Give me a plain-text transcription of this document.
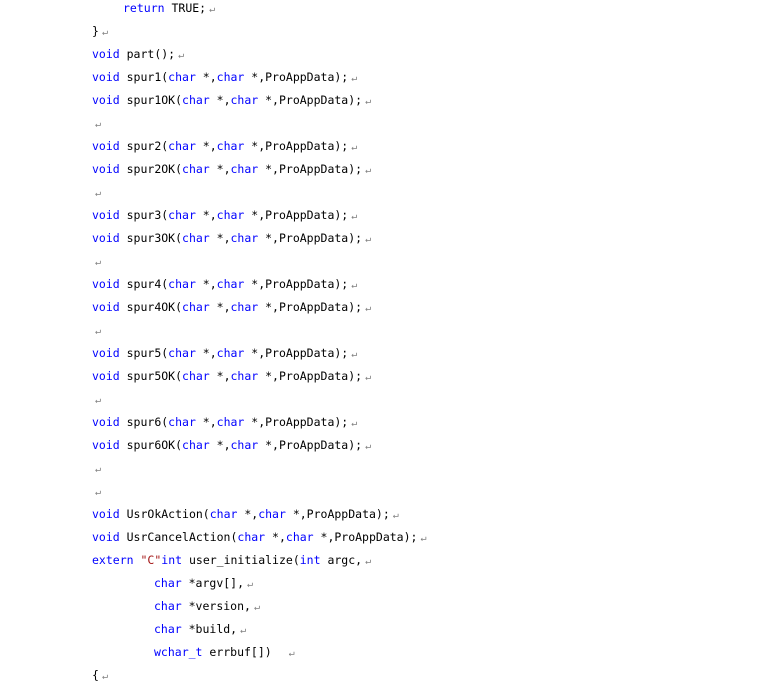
return TRUE; ↵
} ↵
void part(); ↵
void spur1(char *,char *,ProAppData); ↵
void spur1OK(char *,char *,ProAppData); ↵
↵
void spur2(char *,char *,ProAppData); ↵
void spur2OK(char *,char *,ProAppData); ↵
↵
void spur3(char *,char *,ProAppData); ↵
void spur3OK(char *,char *,ProAppData); ↵
↵
void spur4(char *,char *,ProAppData); ↵
void spur4OK(char *,char *,ProAppData); ↵
↵
void spur5(char *,char *,ProAppData); ↵
void spur5OK(char *,char *,ProAppData); ↵
↵
void spur6(char *,char *,ProAppData); ↵
void spur6OK(char *,char *,ProAppData); ↵
↵
↵
void UsrOkAction(char *,char *,ProAppData); ↵
void UsrCancelAction(char *,char *,ProAppData); ↵
extern "C"int user_initialize(int argc, ↵
char *argv[], ↵
char *version, ↵
char *build, ↵
wchar_t errbuf[])  ↵
{ ↵
